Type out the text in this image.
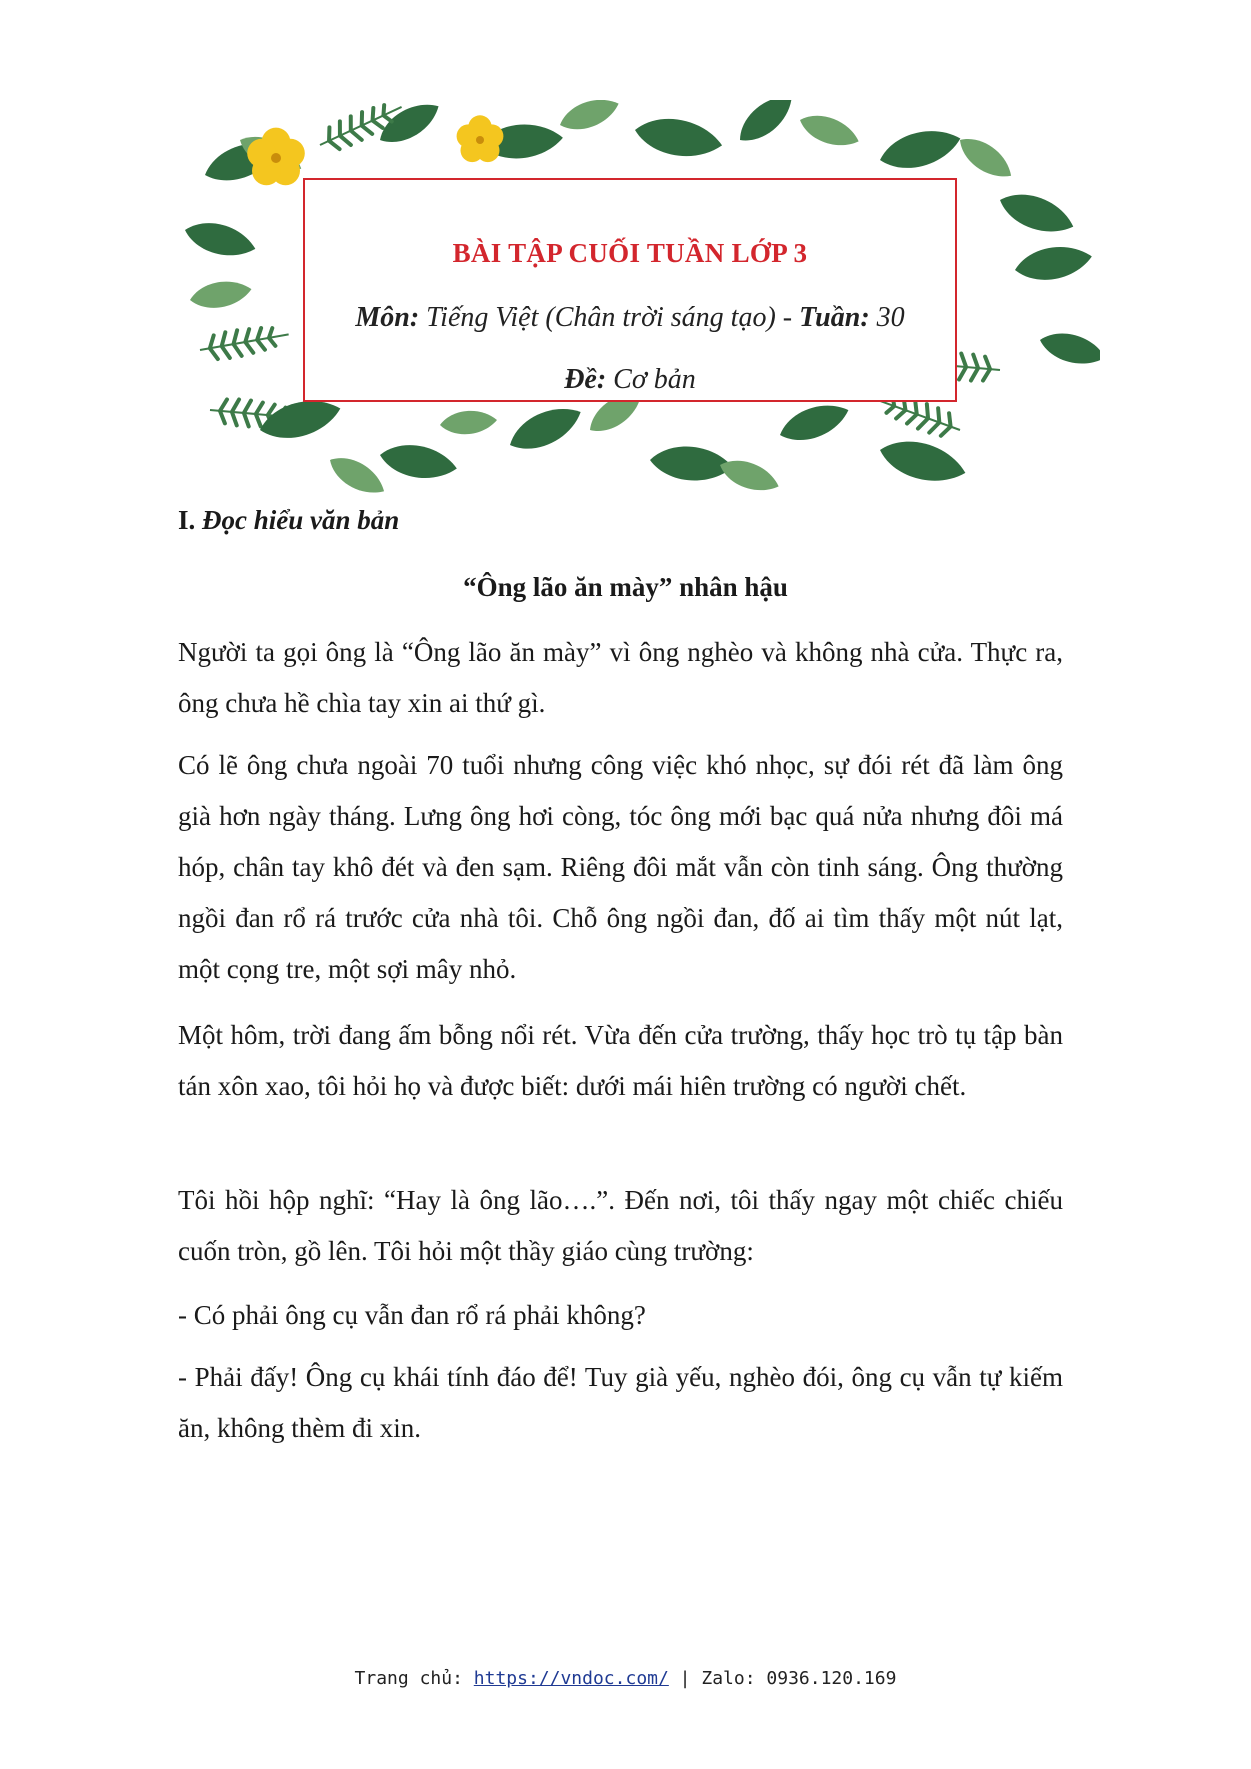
BÀI TẬP CUỐI TUẦN LỚP 3
Môn: Tiếng Việt (Chân trời sáng tạo) - Tuần: 30
Đề: Cơ bản
I. Đọc hiểu văn bản
“Ông lão ăn mày” nhân hậu
Người ta gọi ông là “Ông lão ăn mày” vì ông nghèo và không nhà cửa. Thực ra, ông chưa hề chìa tay xin ai thứ gì.
Có lẽ ông chưa ngoài 70 tuổi nhưng công việc khó nhọc, sự đói rét đã làm ông già hơn ngày tháng. Lưng ông hơi còng, tóc ông mới bạc quá nửa nhưng đôi má hóp, chân tay khô đét và đen sạm. Riêng đôi mắt vẫn còn tinh sáng. Ông thường ngồi đan rổ rá trước cửa nhà tôi. Chỗ ông ngồi đan, đố ai tìm thấy một nút lạt, một cọng tre, một sợi mây nhỏ.
Một hôm, trời đang ấm bỗng nổi rét. Vừa đến cửa trường, thấy học trò tụ tập bàn tán xôn xao, tôi hỏi họ và được biết: dưới mái hiên trường có người chết.
Tôi hồi hộp nghĩ: “Hay là ông lão….”. Đến nơi, tôi thấy ngay một chiếc chiếu cuốn tròn, gồ lên. Tôi hỏi một thầy giáo cùng trường:
- Có phải ông cụ vẫn đan rổ rá phải không?
- Phải đấy! Ông cụ khái tính đáo để! Tuy già yếu, nghèo đói, ông cụ vẫn tự kiếm ăn, không thèm đi xin.
Trang chủ: https://vndoc.com/ | Zalo: 0936.120.169
